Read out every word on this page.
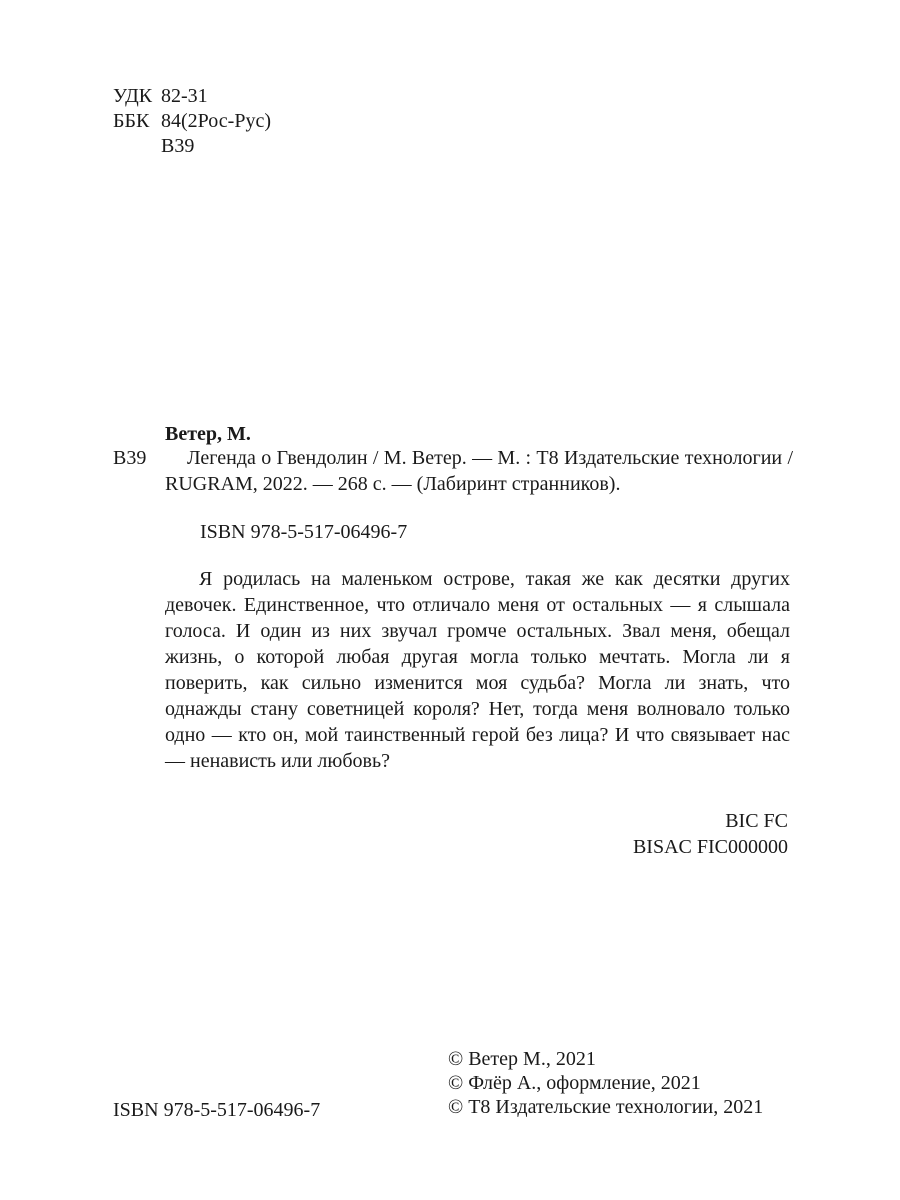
УДК 82-31
ББК 84(2Рос-Рус)
В39
Ветер, М.
В39	Легенда о Гвендолин / М. Ветер. — М. : Т8 Издательские технологии / RUGRAM, 2022. — 268 с. — (Лабиринт странников).
ISBN 978-5-517-06496-7
Я родилась на маленьком острове, такая же как десятки других девочек. Единственное, что отличало меня от остальных — я слышала голоса. И один из них звучал громче остальных. Звал меня, обещал жизнь, о которой любая другая могла только мечтать. Могла ли я поверить, как сильно изменится моя судьба? Могла ли знать, что однажды стану советницей короля? Нет, тогда меня волновало только одно — кто он, мой таинственный герой без лица? И что связывает нас — ненависть или любовь?
BIC FC
BISAC FIC000000
ISBN 978-5-517-06496-7
© Ветер М., 2021
© Флёр А., оформление, 2021
© Т8 Издательские технологии, 2021
